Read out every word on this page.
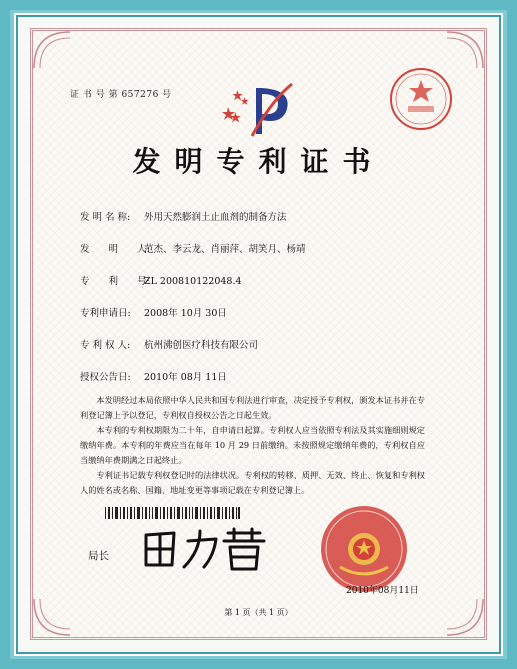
证 书 号 第 657276 号
发明专利证书
发 明 名 称: 外用天然膨润土止血剂的制备方法
发　　明　　人:范杰、李云龙、肖丽萍、胡笑月、杨靖
专　　利　　号:ZL 200810122048.4
专利申请日: 2008年 10月 30日
专 利 权 人: 杭州沸创医疗科技有限公司
授权公告日: 2010年 08月 11日

本发明经过本局依照中华人民共和国专利法进行审查，决定授予专利权，颁发本证书并在专利登记簿上予以登记，专利权自授权公告之日起生效。

本专利的专利权期限为二十年，自申请日起算。专利权人应当依照专利法及其实施细则规定缴纳年费。本专利的年费应当在每年 10 月 29 日前缴纳。未按照规定缴纳年费的，专利权自应当缴纳年费期满之日起终止。

专利证书记载专利权登记时的法律状况。专利权的转移、质押、无效、终止、恢复和专利权人的姓名或名称、国籍、地址变更等事项记载在专利登记簿上。

局长
2010年08月11日
第 1 页（共 1 页）
